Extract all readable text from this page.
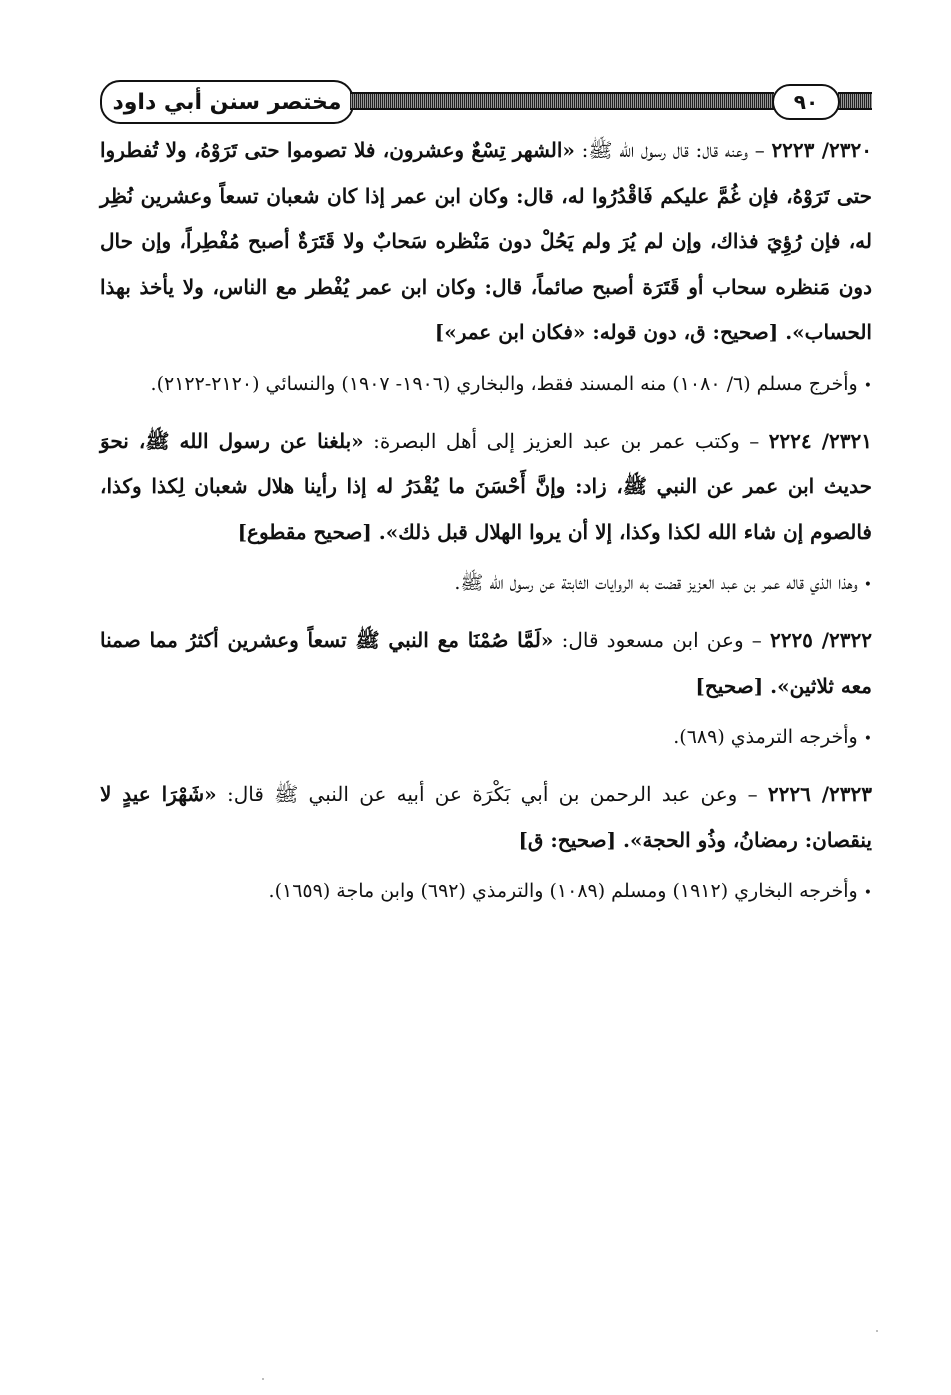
مختصر سنن أبي داود	٩٠

٢٣٢٠/ ٢٢٢٣ – وعنه قال: قال رسول الله ﷺ: «الشهر تِسْعٌ وعشرون، فلا تصوموا حتى تَرَوْهُ، ولا تُفطروا حتى تَرَوْهُ، فإن غُمَّ عليكم فَاقْدُرُوا له، قال: وكان ابن عمر إذا كان شعبان تسعاً وعشرين نُظِر له، فإن رُؤِيَ فذاك، وإن لم يُرَ ولم يَحُلْ دون مَنْظره سَحابٌ ولا قَتَرَةٌ أصبح مُفْطِراً، وإن حال دون مَنظره سحاب أو قَتَرَة أصبح صائماً، قال: وكان ابن عمر يُفْطر مع الناس، ولا يأخذ بهذا الحساب». [صحيح: ق، دون قوله: «فكان ابن عمر»]

•وأخرج مسلم (٦/ ١٠٨٠) منه المسند فقط، والبخاري (١٩٠٦- ١٩٠٧) والنسائي (٢١٢٠-٢١٢٢).

٢٣٢١/ ٢٢٢٤ – وكتب عمر بن عبد العزيز إلى أهل البصرة: «بلغنا عن رسول الله ﷺ، نحوَ حديث ابن عمر عن النبي ﷺ، زاد: وإنَّ أَحْسَنَ ما يُقْدَرُ له إذا رأينا هلال شعبان لِكذا وكذا، فالصوم إن شاء الله لكذا وكذا، إلا أن يروا الهلال قبل ذلك». [صحيح مقطوع]

•وهذا الذي قاله عمر بن عبد العزيز قضت به الروايات الثابتة عن رسول الله ﷺ.

٢٣٢٢/ ٢٢٢٥ – وعن ابن مسعود قال: «لَمَّا صُمْنَا مع النبي ﷺ تسعاً وعشرين أكثرُ مما صمنا معه ثلاثين». [صحيح]

•وأخرجه الترمذي (٦٨٩).

٢٣٢٣/ ٢٢٢٦ – وعن عبد الرحمن بن أبي بَكْرَة عن أبيه عن النبي ﷺ قال: «شَهْرَا عيدٍ لا ينقصان: رمضانُ، وذُو الحجة». [صحيح: ق]

•وأخرجه البخاري (١٩١٢) ومسلم (١٠٨٩) والترمذي (٦٩٢) وابن ماجة (١٦٥٩).
